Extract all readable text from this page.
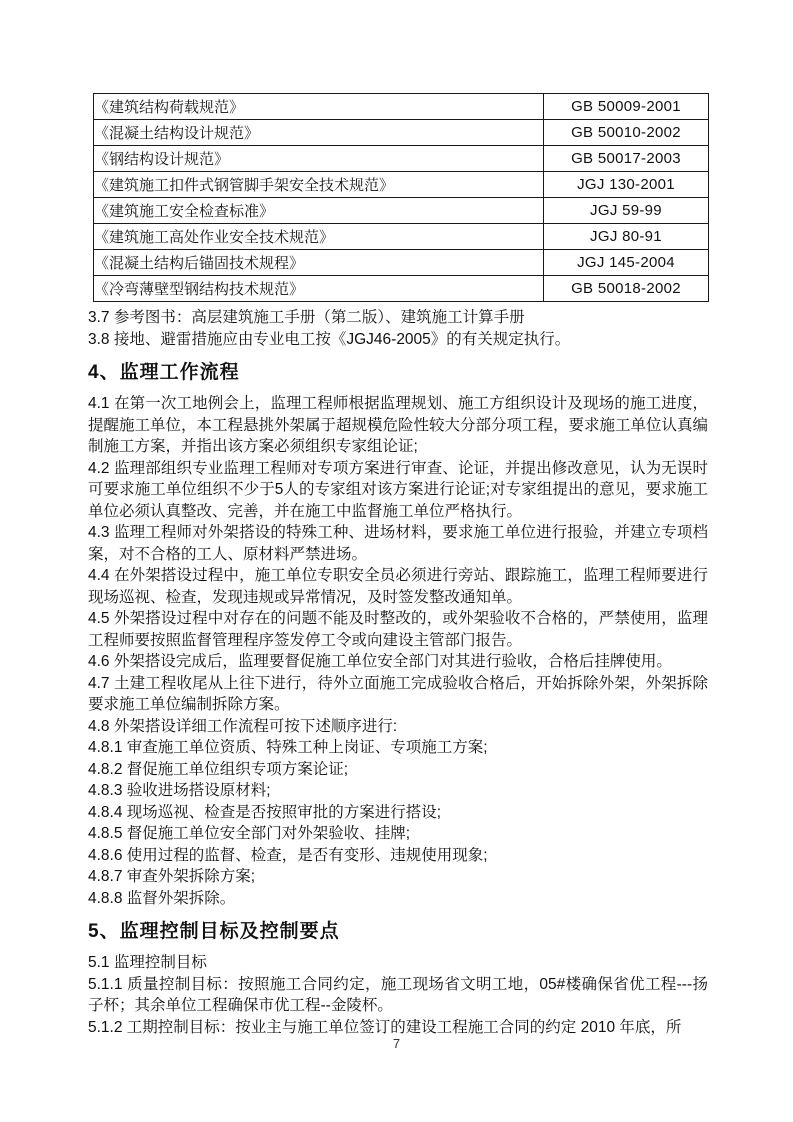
《建筑结构荷载规范》	GB 50009-2001
《混凝土结构设计规范》	GB 50010-2002
《钢结构设计规范》	GB 50017-2003
《建筑施工扣件式钢管脚手架安全技术规范》	JGJ 130-2001
《建筑施工安全检查标准》	JGJ 59-99
《建筑施工高处作业安全技术规范》	JGJ 80-91
《混凝土结构后锚固技术规程》	JGJ 145-2004
《冷弯薄壁型钢结构技术规范》	GB 50018-2002

3.7 参考图书：高层建筑施工手册（第二版）、建筑施工计算手册

3.8 接地、避雷措施应由专业电工按《JGJ46-2005》的有关规定执行。

4、监理工作流程

4.1 在第一次工地例会上，监理工程师根据监理规划、施工方组织设计及现场的施工进度，提醒施工单位，本工程悬挑外架属于超规模危险性较大分部分项工程，要求施工单位认真编制施工方案，并指出该方案必须组织专家组论证;

4.2 监理部组织专业监理工程师对专项方案进行审查、论证，并提出修改意见，认为无误时可要求施工单位组织不少于5人的专家组对该方案进行论证;对专家组提出的意见，要求施工单位必须认真整改、完善，并在施工中监督施工单位严格执行。

4.3 监理工程师对外架搭设的特殊工种、进场材料，要求施工单位进行报验，并建立专项档案，对不合格的工人、原材料严禁进场。

4.4 在外架搭设过程中，施工单位专职安全员必须进行旁站、跟踪施工，监理工程师要进行现场巡视、检查，发现违规或异常情况，及时签发整改通知单。

4.5 外架搭设过程中对存在的问题不能及时整改的，或外架验收不合格的，严禁使用，监理工程师要按照监督管理程序签发停工令或向建设主管部门报告。

4.6 外架搭设完成后，监理要督促施工单位安全部门对其进行验收，合格后挂牌使用。

4.7 土建工程收尾从上往下进行，待外立面施工完成验收合格后，开始拆除外架，外架拆除要求施工单位编制拆除方案。

4.8 外架搭设详细工作流程可按下述顺序进行:

4.8.1 审查施工单位资质、特殊工种上岗证、专项施工方案;

4.8.2 督促施工单位组织专项方案论证;

4.8.3 验收进场搭设原材料;

4.8.4 现场巡视、检查是否按照审批的方案进行搭设;

4.8.5 督促施工单位安全部门对外架验收、挂牌;

4.8.6 使用过程的监督、检查，是否有变形、违规使用现象;

4.8.7 审查外架拆除方案;

4.8.8 监督外架拆除。

5、监理控制目标及控制要点

5.1 监理控制目标

5.1.1 质量控制目标：按照施工合同约定，施工现场省文明工地，05#楼确保省优工程---扬子杯；其余单位工程确保市优工程--金陵杯。

5.1.2 工期控制目标：按业主与施工单位签订的建设工程施工合同的约定 2010 年底，所

7
